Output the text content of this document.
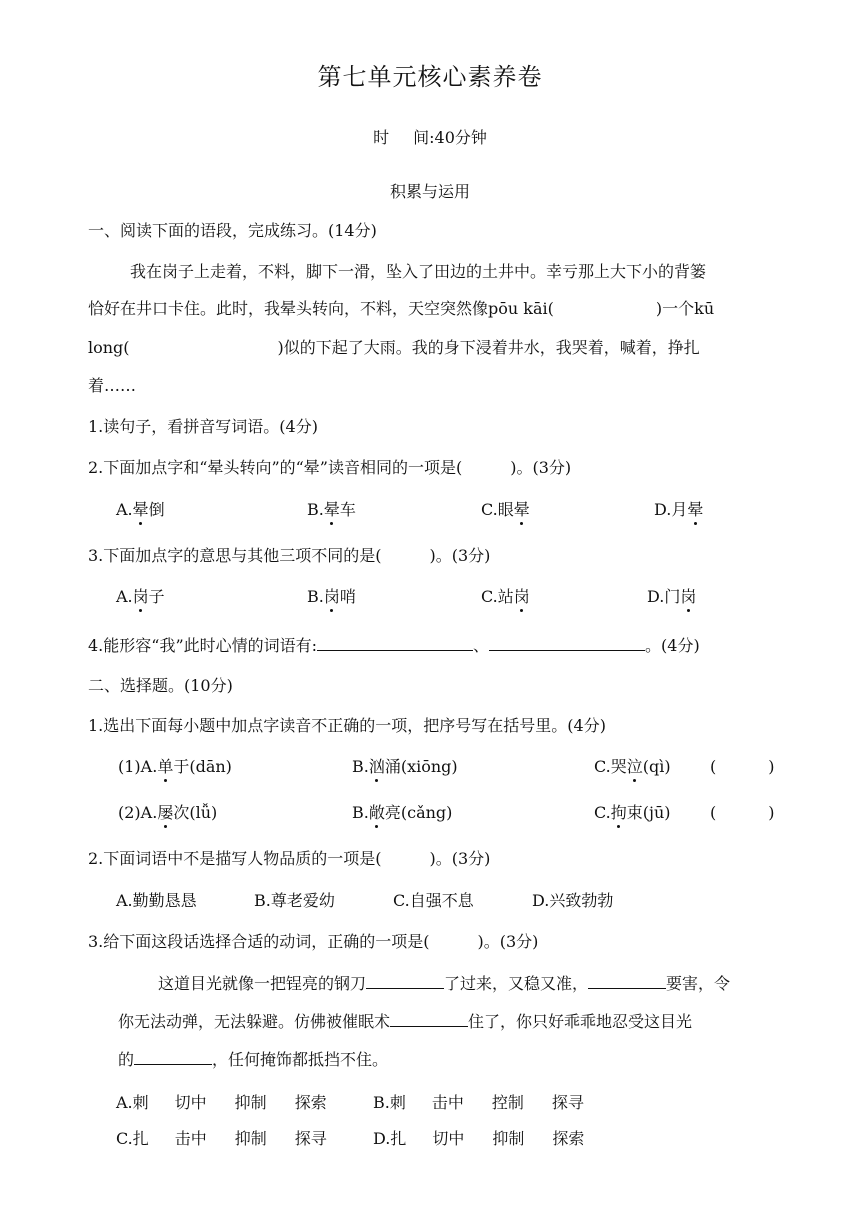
第七单元核心素养卷
时 间:40分钟
积累与运用
一、阅读下面的语段，完成练习。(14分)
我在岗子上走着，不料，脚下一滑，坠入了田边的土井中。幸亏那上大下小的背篓
恰好在井口卡住。此时，我晕头转向，不料，天空突然像pōu kāi(	)一个kū
long(	)似的下起了大雨。我的身下浸着井水，我哭着，喊着，挣扎
着……
1.读句子，看拼音写词语。(4分)
2.下面加点字和“晕头转向”的“晕”读音相同的一项是(	)。(3分)
A.晕倒	B.晕车	C.眼晕	D.月晕
3.下面加点字的意思与其他三项不同的是(	)。(3分)
A.岗子	B.岗哨	C.站岗	D.门岗
4.能形容“我”此时心情的词语有:	、	。(4分)
二、选择题。(10分)
1.选出下面每小题中加点字读音不正确的一项，把序号写在括号里。(4分)
(1)A.单于(dān)	B.汹涌(xiōng)	C.哭泣(qì) (	)
(2)A.屡次(lǚ)	B.敞亮(cǎng)	C.拘束(jū) (	)
2.下面词语中不是描写人物品质的一项是(	)。(3分)
A.勤勤恳恳	B.尊老爱幼	C.自强不息	D.兴致勃勃
3.给下面这段话选择合适的动词，正确的一项是(	)。(3分)
这道目光就像一把锃亮的钢刀	了过来，又稳又准，	要害，令
你无法动弹，无法躲避。仿佛被催眠术	住了，你只好乖乖地忍受这目光
的	，任何掩饰都抵挡不住。
A.刺 切中 抑制 探索	B.刺 击中 控制 探寻
C.扎 击中 抑制 探寻	D.扎 切中 抑制 探索
